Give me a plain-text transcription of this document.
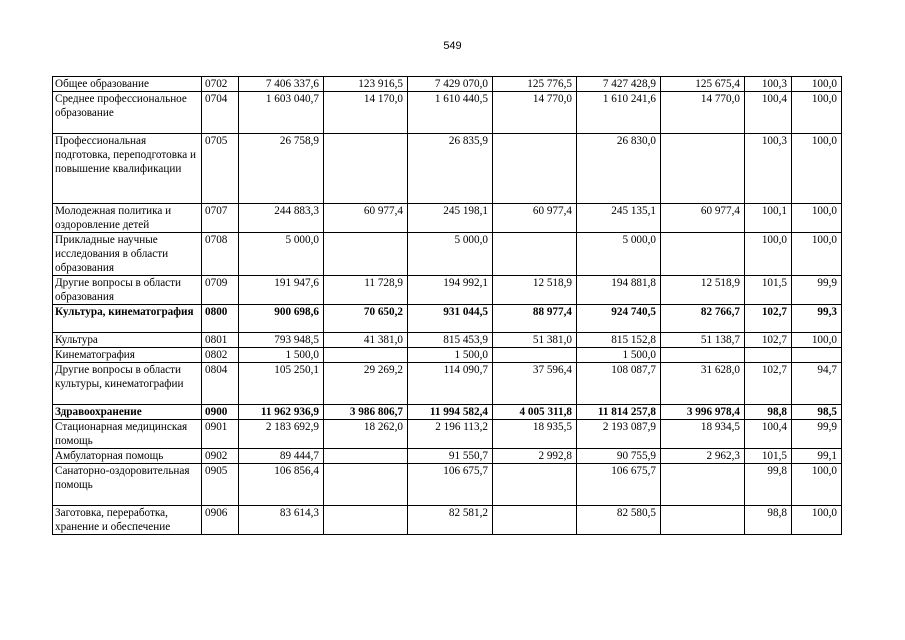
549
Общее образование	0702	7 406 337,6	123 916,5	7 429 070,0	125 776,5	7 427 428,9	125 675,4	100,3	100,0
Среднее профессиональное образование	0704	1 603 040,7	14 170,0	1 610 440,5	14 770,0	1 610 241,6	14 770,0	100,4	100,0
Профессиональная подготовка, переподготовка и повышение квалификации	0705	26 758,9		26 835,9		26 830,0		100,3	100,0
Молодежная политика и оздоровление детей	0707	244 883,3	60 977,4	245 198,1	60 977,4	245 135,1	60 977,4	100,1	100,0
Прикладные научные исследования в области образования	0708	5 000,0		5 000,0		5 000,0		100,0	100,0
Другие вопросы в области образования	0709	191 947,6	11 728,9	194 992,1	12 518,9	194 881,8	12 518,9	101,5	99,9
Культура, кинематография	0800	900 698,6	70 650,2	931 044,5	88 977,4	924 740,5	82 766,7	102,7	99,3
Культура	0801	793 948,5	41 381,0	815 453,9	51 381,0	815 152,8	51 138,7	102,7	100,0
Кинематография	0802	1 500,0		1 500,0		1 500,0			
Другие вопросы в области культуры, кинематографии	0804	105 250,1	29 269,2	114 090,7	37 596,4	108 087,7	31 628,0	102,7	94,7
Здравоохранение	0900	11 962 936,9	3 986 806,7	11 994 582,4	4 005 311,8	11 814 257,8	3 996 978,4	98,8	98,5
Стационарная медицинская помощь	0901	2 183 692,9	18 262,0	2 196 113,2	18 935,5	2 193 087,9	18 934,5	100,4	99,9
Амбулаторная помощь	0902	89 444,7		91 550,7	2 992,8	90 755,9	2 962,3	101,5	99,1
Санаторно-оздоровительная помощь	0905	106 856,4		106 675,7		106 675,7		99,8	100,0
Заготовка, переработка, хранение и обеспечение	0906	83 614,3		82 581,2		82 580,5		98,8	100,0
